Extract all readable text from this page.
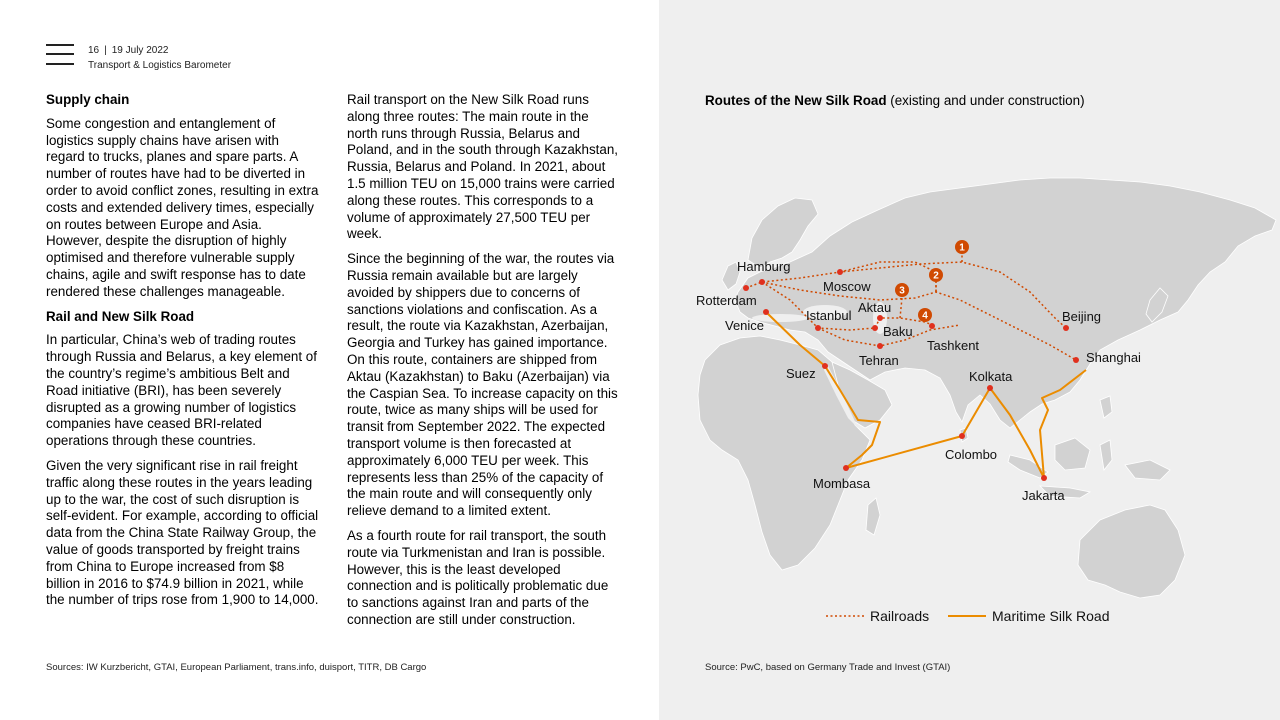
16 | 19 July 2022
Transport & Logistics Barometer
Supply chain

Some congestion and entanglement of logistics supply chains have arisen with regard to trucks, planes and spare parts. A number of routes have had to be diverted in order to avoid conflict zones, resulting in extra costs and extended delivery times, especially on routes between Europe and Asia. However, despite the disruption of highly optimised and therefore vulnerable supply chains, agile and swift response has to date rendered these challenges manageable.

Rail and New Silk Road

In particular, China’s web of trading routes through Russia and Belarus, a key element of the country’s regime’s ambitious Belt and Road initiative (BRI), has been severely disrupted as a growing number of logistics companies have ceased BRI-related operations through these countries.

Given the very significant rise in rail freight traffic along these routes in the years leading up to the war, the cost of such disruption is self-evident. For example, according to official data from the China State Railway Group, the value of goods transported by freight trains from China to Europe increased from $8 billion in 2016 to $74.9 billion in 2021, while the number of trips rose from 1,900 to 14,000.

Rail transport on the New Silk Road runs along three routes: The main route in the north runs through Russia, Belarus and Poland, and in the south through Kazakhstan, Russia, Belarus and Poland. In 2021, about 1.5 million TEU on 15,000 trains were carried along these routes. This corresponds to a volume of approximately 27,500 TEU per week.

Since the beginning of the war, the routes via Russia remain available but are largely avoided by shippers due to concerns of sanctions violations and confiscation. As a result, the route via Kazakhstan, Azerbaijan, Georgia and Turkey has gained importance. On this route, containers are shipped from Aktau (Kazakhstan) to Baku (Azerbaijan) via the Caspian Sea. To increase capacity on this route, twice as many ships will be used for transit from September 2022. The expected transport volume is then forecasted at approximately 6,000 TEU per week. This represents less than 25% of the capacity of the main route and will consequently only relieve demand to a limited extent.

As a fourth route for rail transport, the south route via Turkmenistan and Iran is possible. However, this is the least developed connection and is politically problematic due to sanctions against Iran and parts of the connection are still under construction.

Sources: IW Kurzbericht, GTAI, European Parliament, trans.info, duisport, TITR, DB Cargo
Routes of the New Silk Road (existing and under construction)
1
2
3
4
Hamburg
Rotterdam
Venice
Moscow
Istanbul
Aktau
Baku
Tehran
Tashkent
Beijing
Shanghai
Suez	Kolkata
Colombo
Mombasa
Jakarta
Railroads	Maritime Silk Road
Source: PwC, based on Germany Trade and Invest (GTAI)
